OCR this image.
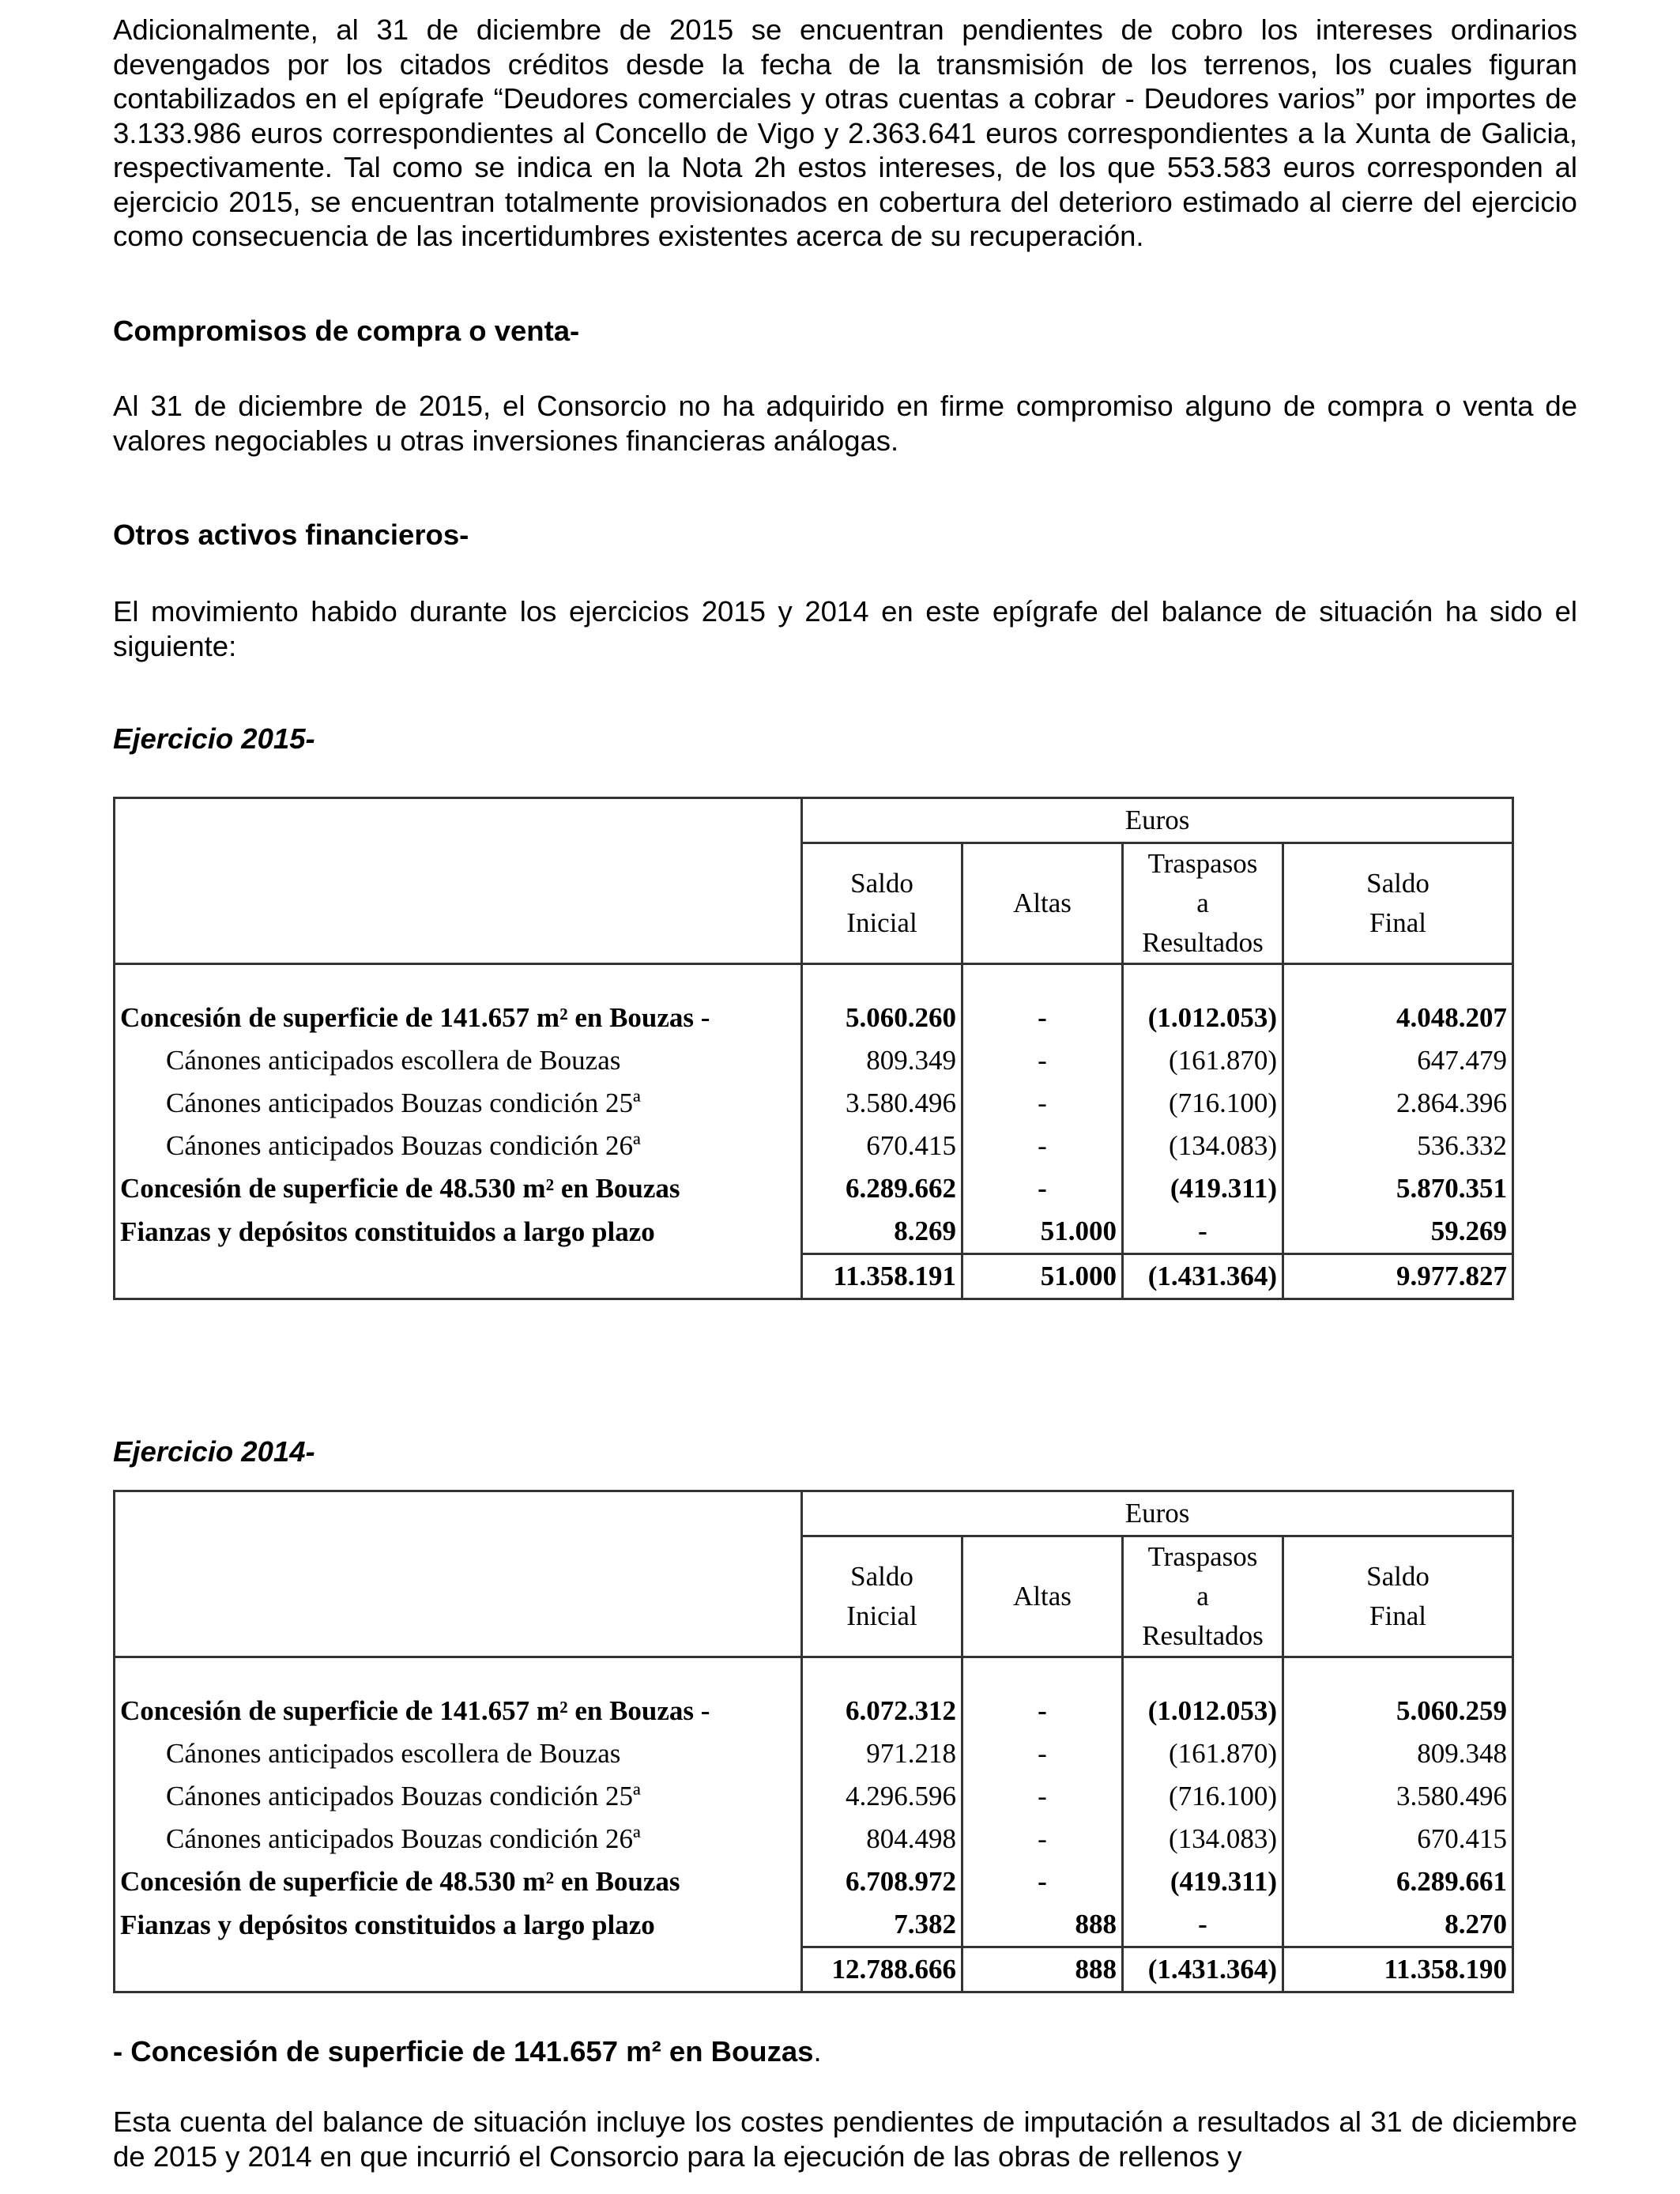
Adicionalmente, al 31 de diciembre de 2015 se encuentran pendientes de cobro los intereses ordinarios devengados por los citados créditos desde la fecha de la transmisión de los terrenos, los cuales figuran contabilizados en el epígrafe “Deudores comerciales y otras cuentas a cobrar - Deudores varios” por importes de 3.133.986 euros correspondientes al Concello de Vigo y 2.363.641 euros correspondientes a la Xunta de Galicia, respectivamente. Tal como se indica en la Nota 2h estos intereses, de los que 553.583 euros corresponden al ejercicio 2015, se encuentran totalmente provisionados en cobertura del deterioro estimado al cierre del ejercicio como consecuencia de las incertidumbres existentes acerca de su recuperación.

Compromisos de compra o venta-

Al 31 de diciembre de 2015, el Consorcio no ha adquirido en firme compromiso alguno de compra o venta de valores negociables u otras inversiones financieras análogas.

Otros activos financieros-

El movimiento habido durante los ejercicios 2015 y 2014 en este epígrafe del balance de situación ha sido el siguiente:

Ejercicio 2015-

	Euros			
	Saldo
Inicial	Altas	Traspasos
a
Resultados	Saldo
Final

Concesión de superficie de 141.657 m² en Bouzas -	5.060.260	-	(1.012.053)	4.048.207
Cánones anticipados escollera de Bouzas	809.349	-	(161.870)	647.479
Cánones anticipados Bouzas condición 25ª	3.580.496	-	(716.100)	2.864.396
Cánones anticipados Bouzas condición 26ª	670.415	-	(134.083)	536.332
Concesión de superficie de 48.530 m² en Bouzas	6.289.662	-	(419.311)	5.870.351
Fianzas y depósitos constituidos a largo plazo	8.269	51.000	-	59.269
	11.358.191	51.000	(1.431.364)	9.977.827

Ejercicio 2014-

	Euros			
	Saldo
Inicial	Altas	Traspasos
a
Resultados	Saldo
Final

Concesión de superficie de 141.657 m² en Bouzas -	6.072.312	-	(1.012.053)	5.060.259
Cánones anticipados escollera de Bouzas	971.218	-	(161.870)	809.348
Cánones anticipados Bouzas condición 25ª	4.296.596	-	(716.100)	3.580.496
Cánones anticipados Bouzas condición 26ª	804.498	-	(134.083)	670.415
Concesión de superficie de 48.530 m² en Bouzas	6.708.972	-	(419.311)	6.289.661
Fianzas y depósitos constituidos a largo plazo	7.382	888	-	8.270
	12.788.666	888	(1.431.364)	11.358.190

- Concesión de superficie de 141.657 m² en Bouzas.

Esta cuenta del balance de situación incluye los costes pendientes de imputación a resultados al 31 de diciembre de 2015 y 2014 en que incurrió el Consorcio para la ejecución de las obras de rellenos y
